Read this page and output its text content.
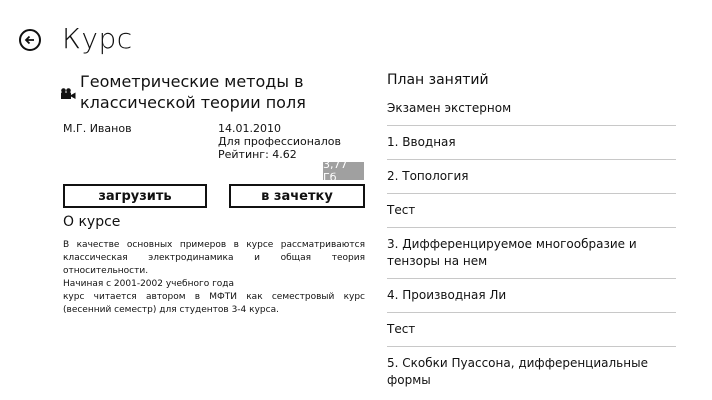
Курс
Геометрические методы в классической теории поля
М.Г. Иванов	14.01.2010
Для профессионалов
Рейтинг: 4.62
3,77 Гб
загрузить	в зачетку
О курсе

В качестве основных примеров в курсе рассматриваются классическая электродинамика и общая теория относительности.

Начиная с 2001-2002 учебного года

курс читается автором в МФТИ как семестровый курс (весенний семестр) для студентов 3-4 курса.

План занятий
Экзамен экстерном
1. Вводная
2. Топология
Тест
3. Дифференцируемое многообразие и тензоры на нем
4. Производная Ли
Тест
5. Скобки Пуассона, дифференциальные формы
